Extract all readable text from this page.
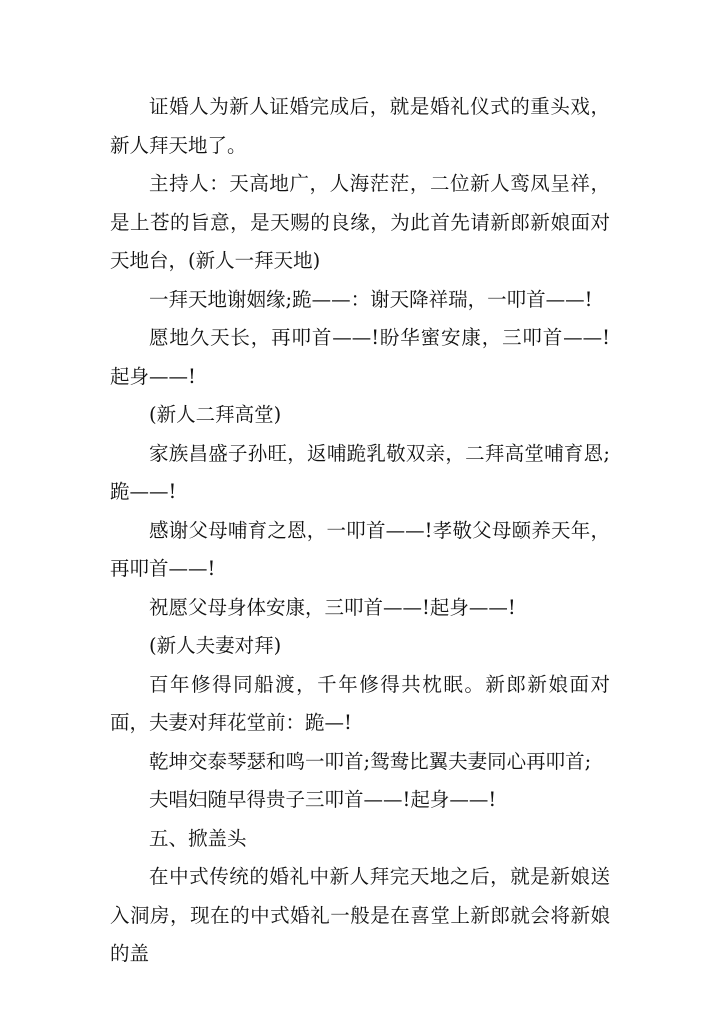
证婚人为新人证婚完成后，就是婚礼仪式的重头戏，新人拜天地了。

主持人：天高地广，人海茫茫，二位新人鸾凤呈祥，是上苍的旨意，是天赐的良缘，为此首先请新郎新娘面对天地台，(新人一拜天地)

一拜天地谢姻缘;跪——：谢天降祥瑞，一叩首——!

愿地久天长，再叩首——!盼华蜜安康，三叩首——!起身——!

(新人二拜高堂)

家族昌盛子孙旺，返哺跪乳敬双亲，二拜高堂哺育恩;跪——!

感谢父母哺育之恩，一叩首——!孝敬父母颐养天年，再叩首——!

祝愿父母身体安康，三叩首——!起身——!

(新人夫妻对拜)

百年修得同船渡，千年修得共枕眠。新郎新娘面对面，夫妻对拜花堂前：跪—!

乾坤交泰琴瑟和鸣一叩首;鸳鸯比翼夫妻同心再叩首;

夫唱妇随早得贵子三叩首——!起身——!

五、掀盖头

在中式传统的婚礼中新人拜完天地之后，就是新娘送入洞房，现在的中式婚礼一般是在喜堂上新郎就会将新娘的盖
